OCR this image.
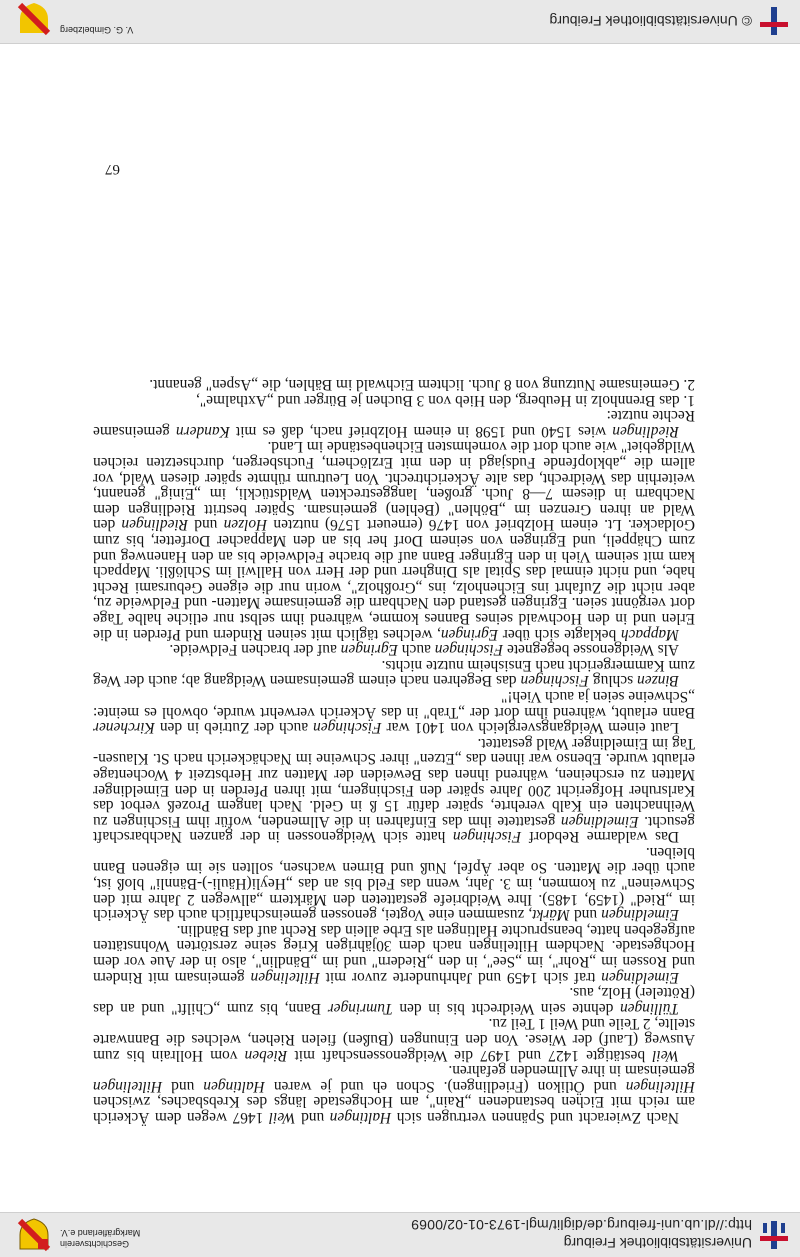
Universitätsbibliothek Freiburg
http://dl.ub.uni-freiburg.de/diglit/mgl-1973-01-02/0069
Geschichtsverein
Markgräflerland e.V.

Nach Zwieracht und Spännen vertrugen sich Haltingen und Weil 1467 wegen dem Äckerich am reich mit Eichen bestandenen „Rain", am Hochgestade längs des Krebsbaches, zwischen Hiltelingen und Ötlikon (Friedlingen). Schon eh und je waren Haltingen und Hiltelingen gemeinsam in ihre Allmenden gefahren.

Weil bestätigte 1427 und 1497 die Weidgenossenschaft mit Rieben vom Hollrain bis zum Ausweg (Lauf) der Wiese. Von den Einungen (Bußen) fielen Riehen, welches die Bannwarte stellte, 2 Teile und Weil 1 Teil zu.

Tüllingen dehnte sein Weidrecht bis in den Tumringer Bann, bis zum „Chilft" und an das (Rötteler) Holz, aus.

Eimeldingen traf sich 1459 und Jahrhunderte zuvor mit Hiltelingen gemeinsam mit Rindern und Rossen im „Rohr", im „See", in den „Riedern" und im „Bändlin", also in der Aue vor dem Hochgestade. Nachdem Hiltelingen nach dem 30jährigen Krieg seine zerstörten Wohnstätten aufgegeben hatte, beanspruchte Haltingen als Erbe allein das Recht auf das Bändlin.

Eimeldingen und Märkt, zusammen eine Vogtei, genossen gemeinschaftlich auch das Äckerich im „Ried" (1459, 1485). Ihre Weidbriefe gestatteten den Märktern „allwegen 2 Jahre mit den Schweinen" zu kommen, im 3. Jahr, wenn das Feld bis an das „Heyli(Häuli-)-Bännli" bloß ist, auch über die Matten. So aber Äpfel, Nuß und Birnen wachsen, sollten sie im eigenen Bann bleiben.

Das waldarme Rebdorf Fischingen hatte sich Weidgenossen in der ganzen Nachbarschaft gesucht. Eimeldingen gestattete ihm das Einfahren in die Allmenden, wofür ihm Fischingen zu Weihnachten ein Kalb verehrte, später dafür 15 ß in Geld. Nach langem Prozeß verbot das Karlsruher Hofgericht 200 Jahre später den Fischingern, mit ihren Pferden in den Eimeldinger Matten zu erscheinen, während ihnen das Beweiden der Matten zur Herbstzeit 4 Wochentage erlaubt wurde. Ebenso war ihnen das „Etzen" ihrer Schweine im Nachäckerich nach St. Klausen-Tag im Eimeldinger Wald gestattet.

Laut einem Weidgangsvergleich von 1401 war Fischingen auch der Zutrieb in den Kirchener Bann erlaubt, während ihm dort der „Trab" in das Äckerich verwehrt wurde, obwohl es meinte: „Schweine seien ja auch Vieh!"

Binzen schlug Fischingen das Begehren nach einem gemeinsamen Weidgang ab; auch der Weg zum Kammergericht nach Ensisheim nutzte nichts.

Als Weidgenosse begegnete Fischingen auch Egringen auf der brachen Feldweide.

Mappach beklagte sich über Egringen, welches täglich mit seinen Rindern und Pferden in die Erlen und in den Hochwald seines Bannes komme, während ihm selbst nur etliche halbe Tage dort vergönnt seien. Egringen gestand den Nachbarn die gemeinsame Matten- und Feldweide zu, aber nicht die Zufahrt ins Eichenholz, ins „Großholz", worin nur die eigene Gebursami Recht habe, und nicht einmal das Spital als Dingherr und der Herr von Hallwil im Schlößli. Mappach kam mit seinem Vieh in den Egringer Bann auf die brache Feldweide bis an den Hanenweg und zum Chäppeli, und Egringen von seinem Dorf her bis an den Mappacher Dorfetter, bis zum Goldacker. Lt. einem Holzbrief von 1476 (erneuert 1576) nutzten Holzen und Riedlingen den Wald an ihren Grenzen im „Böhlen" (Behlen) gemeinsam. Später bestritt Riedlingen dem Nachbarn in diesem 7—8 Juch. großen, langgestreckten Waldstückli, im „Einig" genannt, weiterhin das Weidrecht, das alte Äckerichtrecht. Von Leutrum rühmte später diesen Wald, vor allem die „abklopfende Fudsjagd in den mit Erzlöchern, Fuchsbergen, durchsetzten reichen Wildgebiet" wie auch dort die vornehmsten Eichenbestände im Land.

Riedlingen wies 1540 und 1598 in einem Holzbrief nach, daß es mit Kandern gemeinsame Rechte nutzte:

1. das Brennholz in Heuberg, den Hieb von 3 Buchen je Bürger und „Axthalme",

2. Gemeinsame Nutzung von 8 Juch. lichtem Eichwald im Bählen, die „Aspen" genannt.

67
© Universitätsbibliothek Freiburg
V. G. Gimbelzberg
